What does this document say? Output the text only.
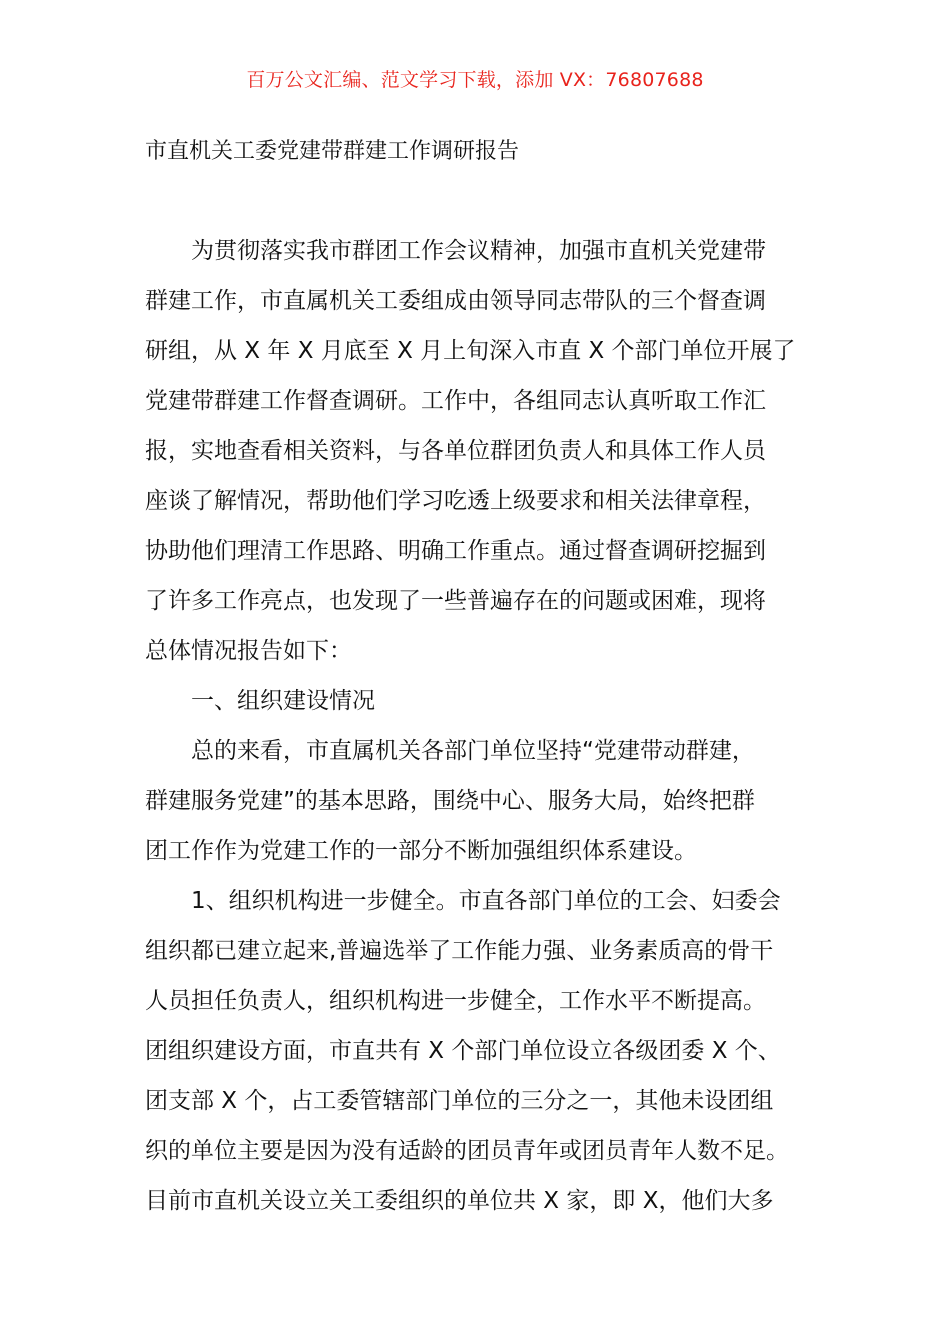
百万公文汇编、范文学习下载，添加 VX：76807688
市直机关工委党建带群建工作调研报告
为贯彻落实我市群团工作会议精神，加强市直机关党建带
群建工作，市直属机关工委组成由领导同志带队的三个督查调
研组，从 X 年 X 月底至 X 月上旬深入市直 X 个部门单位开展了
党建带群建工作督查调研。工作中，各组同志认真听取工作汇
报，实地查看相关资料，与各单位群团负责人和具体工作人员
座谈了解情况，帮助他们学习吃透上级要求和相关法律章程，
协助他们理清工作思路、明确工作重点。通过督查调研挖掘到
了许多工作亮点，也发现了一些普遍存在的问题或困难，现将
总体情况报告如下：
一、组织建设情况
总的来看，市直属机关各部门单位坚持“党建带动群建，
群建服务党建”的基本思路，围绕中心、服务大局，始终把群
团工作作为党建工作的一部分不断加强组织体系建设。
1、组织机构进一步健全。市直各部门单位的工会、妇委会
组织都已建立起来,普遍选举了工作能力强、业务素质高的骨干
人员担任负责人，组织机构进一步健全，工作水平不断提高。
团组织建设方面，市直共有 X 个部门单位设立各级团委 X 个、
团支部 X 个，占工委管辖部门单位的三分之一，其他未设团组
织的单位主要是因为没有适龄的团员青年或团员青年人数不足。
目前市直机关设立关工委组织的单位共 X 家，即 X，他们大多
